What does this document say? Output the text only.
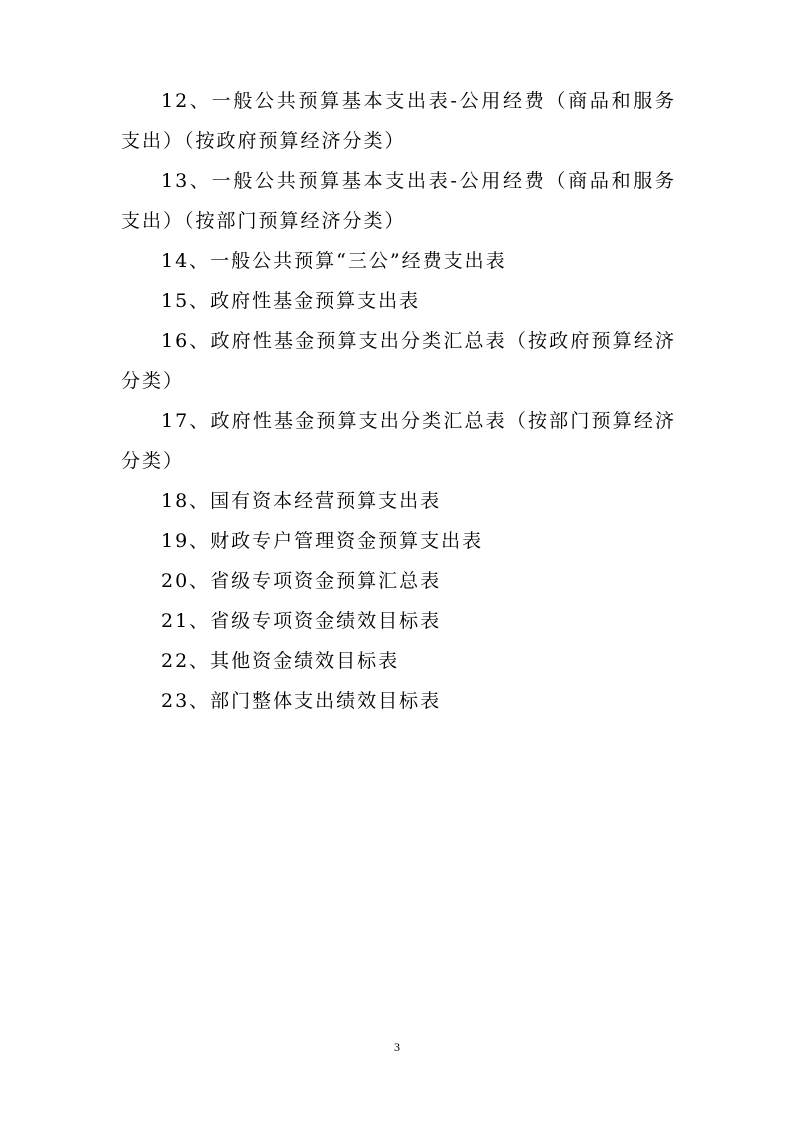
12、一般公共预算基本支出表-公用经费（商品和服务支出）（按政府预算经济分类）

13、一般公共预算基本支出表-公用经费（商品和服务支出）（按部门预算经济分类）

14、一般公共预算“三公”经费支出表

15、政府性基金预算支出表

16、政府性基金预算支出分类汇总表（按政府预算经济分类）

17、政府性基金预算支出分类汇总表（按部门预算经济分类）

18、国有资本经营预算支出表

19、财政专户管理资金预算支出表

20、省级专项资金预算汇总表

21、省级专项资金绩效目标表

22、其他资金绩效目标表

23、部门整体支出绩效目标表

3
